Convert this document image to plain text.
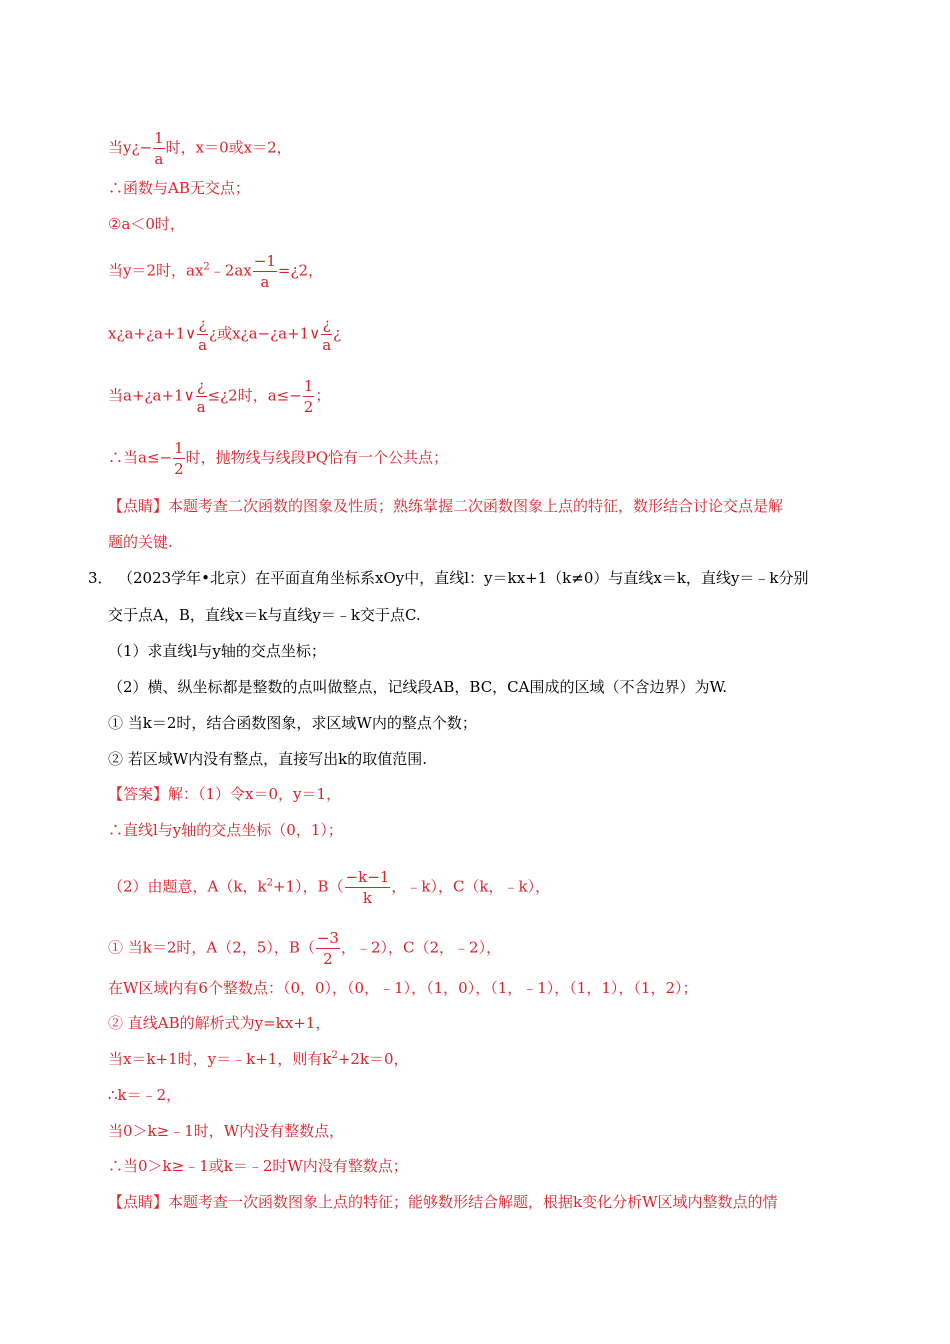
当y¿− $\frac{1}{a}$ 时，x＝0或x＝2，
∴函数与AB无交点；
②a＜0时，
当y＝2时，$ax^2﹣2ax \frac{-1}{a}$ =¿2，
x¿a+¿a+1∨ $\frac{¿}{a}$ ¿或x¿a−¿a+1∨ $\frac{¿}{a}$ ¿
当a+¿a+1∨ $\frac{¿}{a}$ ≤¿2时，$a\le- \frac{1}{2}$ ；
∴当$a\le- \frac{1}{2}$ 时，抛物线与线段PQ恰有一个公共点；
【点睛】本题考查二次函数的图象及性质；熟练掌握二次函数图象上点的特征，数形结合讨论交点是解
题的关键.
3． （2023学年•北京）在平面直角坐标系xOy中，直线l：y＝kx+1（k≠0）与直线x＝k，直线y＝﹣k分别
交于点A，B，直线x＝k与直线y＝﹣k交于点C.
（1）求直线l与y轴的交点坐标；
（2）横、纵坐标都是整数的点叫做整点，记线段AB，BC，CA围成的区域（不含边界）为W.
① 当k＝2时，结合函数图象，求区域W内的整点个数；
② 若区域W内没有整点，直接写出k的取值范围.
【答案】解：（1）令x＝0，y＝1，
∴直线l与y轴的交点坐标（0，1）；
（2）由题意，A（k，$k^2+1$），$B( \frac{-k-1}{k}$ ，﹣k），C（k，﹣k），
① 当k＝2时，A（2，5），$B( \frac{-3}{2}$ ，﹣2），C（2，﹣2），
在W区域内有6个整数点：（0，0），（0，﹣1），（1，0），（1，﹣1），（1，1），（1，2）；
② 直线AB的解析式为y=kx+1，
当x＝k+1时，y＝﹣k+1，则有$k^2+2k=0$，
∴k＝﹣2，
当0＞k≥﹣1时，W内没有整数点，
∴当0＞k≥﹣1或k＝﹣2时W内没有整数点；
【点睛】本题考查一次函数图象上点的特征；能够数形结合解题，根据k变化分析W区域内整数点的情
